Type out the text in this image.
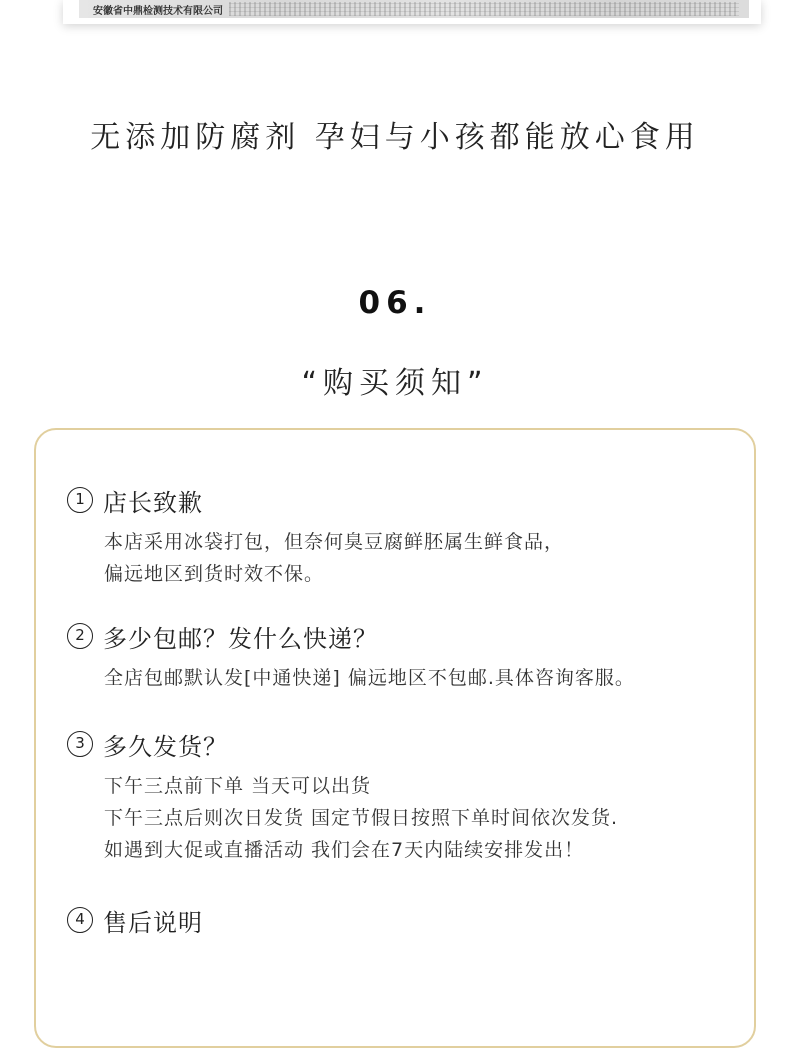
安徽省中鼎检测技术有限公司
无添加防腐剂 孕妇与小孩都能放心食用
06.
“购买须知”
1 店长致歉
本店采用冰袋打包，但奈何臭豆腐鲜胚属生鲜食品，
偏远地区到货时效不保。
2 多少包邮？发什么快递？
全店包邮默认发[中通快递] 偏远地区不包邮.具体咨询客服。
3 多久发货？
下午三点前下单 当天可以出货
下午三点后则次日发货 国定节假日按照下单时间依次发货.
如遇到大促或直播活动 我们会在7天内陆续安排发出！
4 售后说明
